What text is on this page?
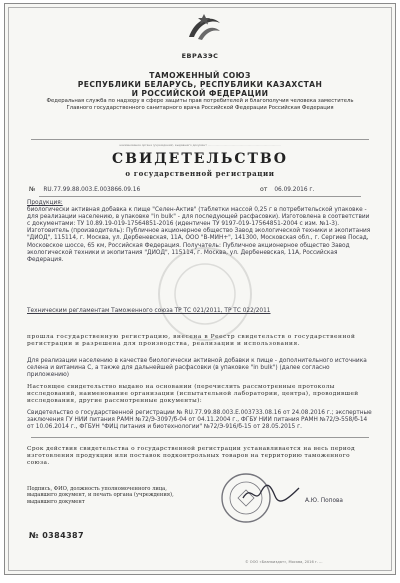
ЕВРАЗЭС
ТАМОЖЕННЫЙ СОЮЗ
РЕСПУБЛИКИ БЕЛАРУСЬ, РЕСПУБЛИКИ КАЗАХСТАН
И РОССИЙСКОЙ ФЕДЕРАЦИИ
Федеральная служба по надзору в сфере защиты прав потребителей и благополучия человека заместитель Главного государственного санитарного врача Российской Федерации Российская Федерация
наименование органа (учреждения), выдавшего документ ··················································································
СВИДЕТЕЛЬСТВО
о государственной регистрации
№ RU.77.99.88.003.Е.003866.09.16	от 06.09.2016 г.
Продукция:
биологически активная добавка к пище "Селен-Актив" (таблетки массой 0,25 г в потребительской упаковке - для реализации населению, в упаковке "in bulk" - для последующей расфасовки). Изготовлена в соответствии с документами: ТУ 10.89.19-019-17564851-2016 (идентичен ТУ 9197-019-17564851-2004 с изм. №1-3). Изготовитель (производитель): Публичное акционерное общество Завод экологической техники и экопитания "ДИОД", 115114, г. Москва, ул. Дербеневская, 11А, ООО "В-МИН+", 141300, Московская обл., г. Сергиев Посад, Московское шоссе, 65 км, Российская Федерация. Получатель: Публичное акционерное общество Завод экологической техники и экопитания "ДИОД", 115114, г. Москва, ул. Дербеневская, 11А, Российская Федерация.
Техническим регламентам Таможенного союза ТР ТС 021/2011, ТР ТС 022/2011
прошла государственную регистрацию, внесена в Реестр свидетельств о государственной регистрации и разрешена для производства, реализации и использования.
Для реализации населению в качестве биологически активной добавки к пище - дополнительного источника селена и витамина С, а также для дальнейшей расфасовки (в упаковке "in bulk") (далее согласно приложению)
Настоящее свидетельство выдано на основании (перечислить рассмотренные протоколы исследований, наименование организации (испытательной лаборатории, центра), проводившей исследования, другие рассмотренные документы):
Свидетельство о государственной регистрации № RU.77.99.88.003.Е.003733.08.16 от 24.08.2016 г.; экспертные заключения ГУ НИИ питания РАМН №72/Э-3097/б-04 от 04.11.2004 г., ФГБУ НИИ питания РАМН №72/Э-558/б-14 от 10.06.2014 г., ФГБУН "ФИЦ питания и биотехнологии" №72/Э-916/б-15 от 28.05.2015 г.
Срок действия свидетельства о государственной регистрации устанавливается на весь период изготовления продукции или поставок подконтрольных товаров на территорию таможенного союза.
Подпись, ФИО, должность уполномоченного лица, выдавшего документ, и печать органа (учреждения), выдавшего документ	А.Ю. Попова
№ 0384387
© ООО «Бланкиздат», Москва, 2016 г. ...
